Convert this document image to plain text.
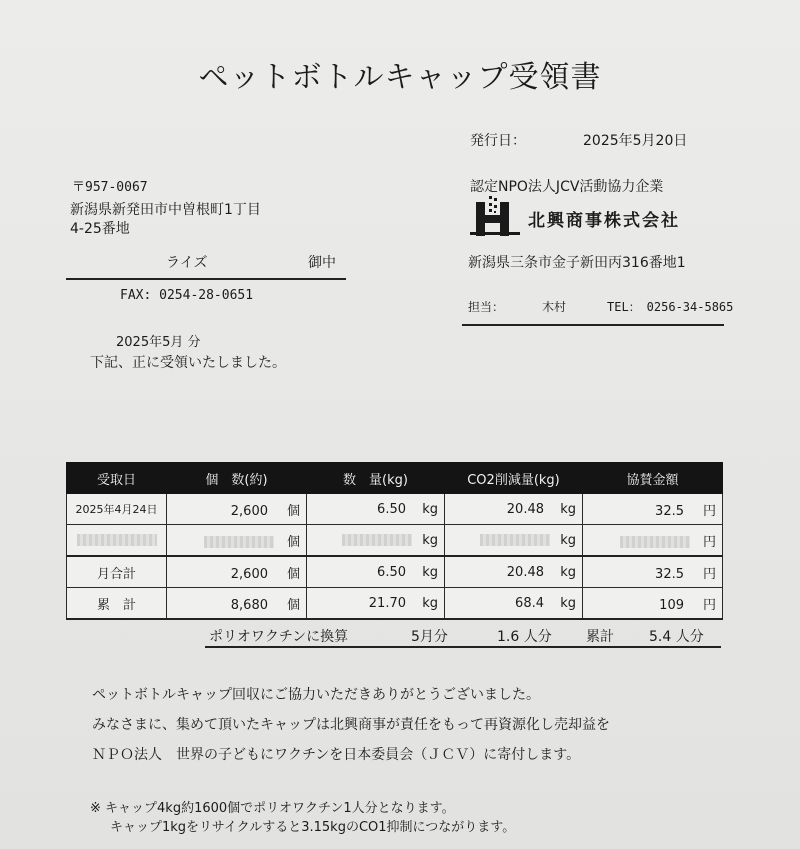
ペットボトルキャップ受領書
発行日：	2025年5月20日
〒957-0067
新潟県新発田市中曽根町1丁目
4-25番地
ライズ	御中
FAX: 0254-28-0651
認定NPO法人JCV活動協力企業
北興商事株式会社
新潟県三条市金子新田丙316番地1
担当：	木村	TEL：　0256-34-5865
2025年5月 分
下記、正に受領いたしました。
受取日	個　数(約)	数　量(kg)	CO2削減量(kg)	協賛金額
2025年4月24日	2,600 個	6.50 kg	20.48 kg	32.5 円
	個	kg	kg	円
月合計	2,600 個	6.50 kg	20.48 kg	32.5 円
累　計	8,680 個	21.70 kg	68.4 kg	109 円
ポリオワクチンに換算	5月分	1.6 人分 累計	5.4 人分
ペットボトルキャップ回収にご協力いただきありがとうございました。
みなさまに、集めて頂いたキャップは北興商事が責任をもって再資源化し売却益を
ＮＰＯ法人　世界の子どもにワクチンを日本委員会（ＪＣＶ）に寄付します。
※ キャップ4kg約1600個でポリオワクチン1人分となります。
キャップ1kgをリサイクルすると3.15kgのCO1抑制につながります。
